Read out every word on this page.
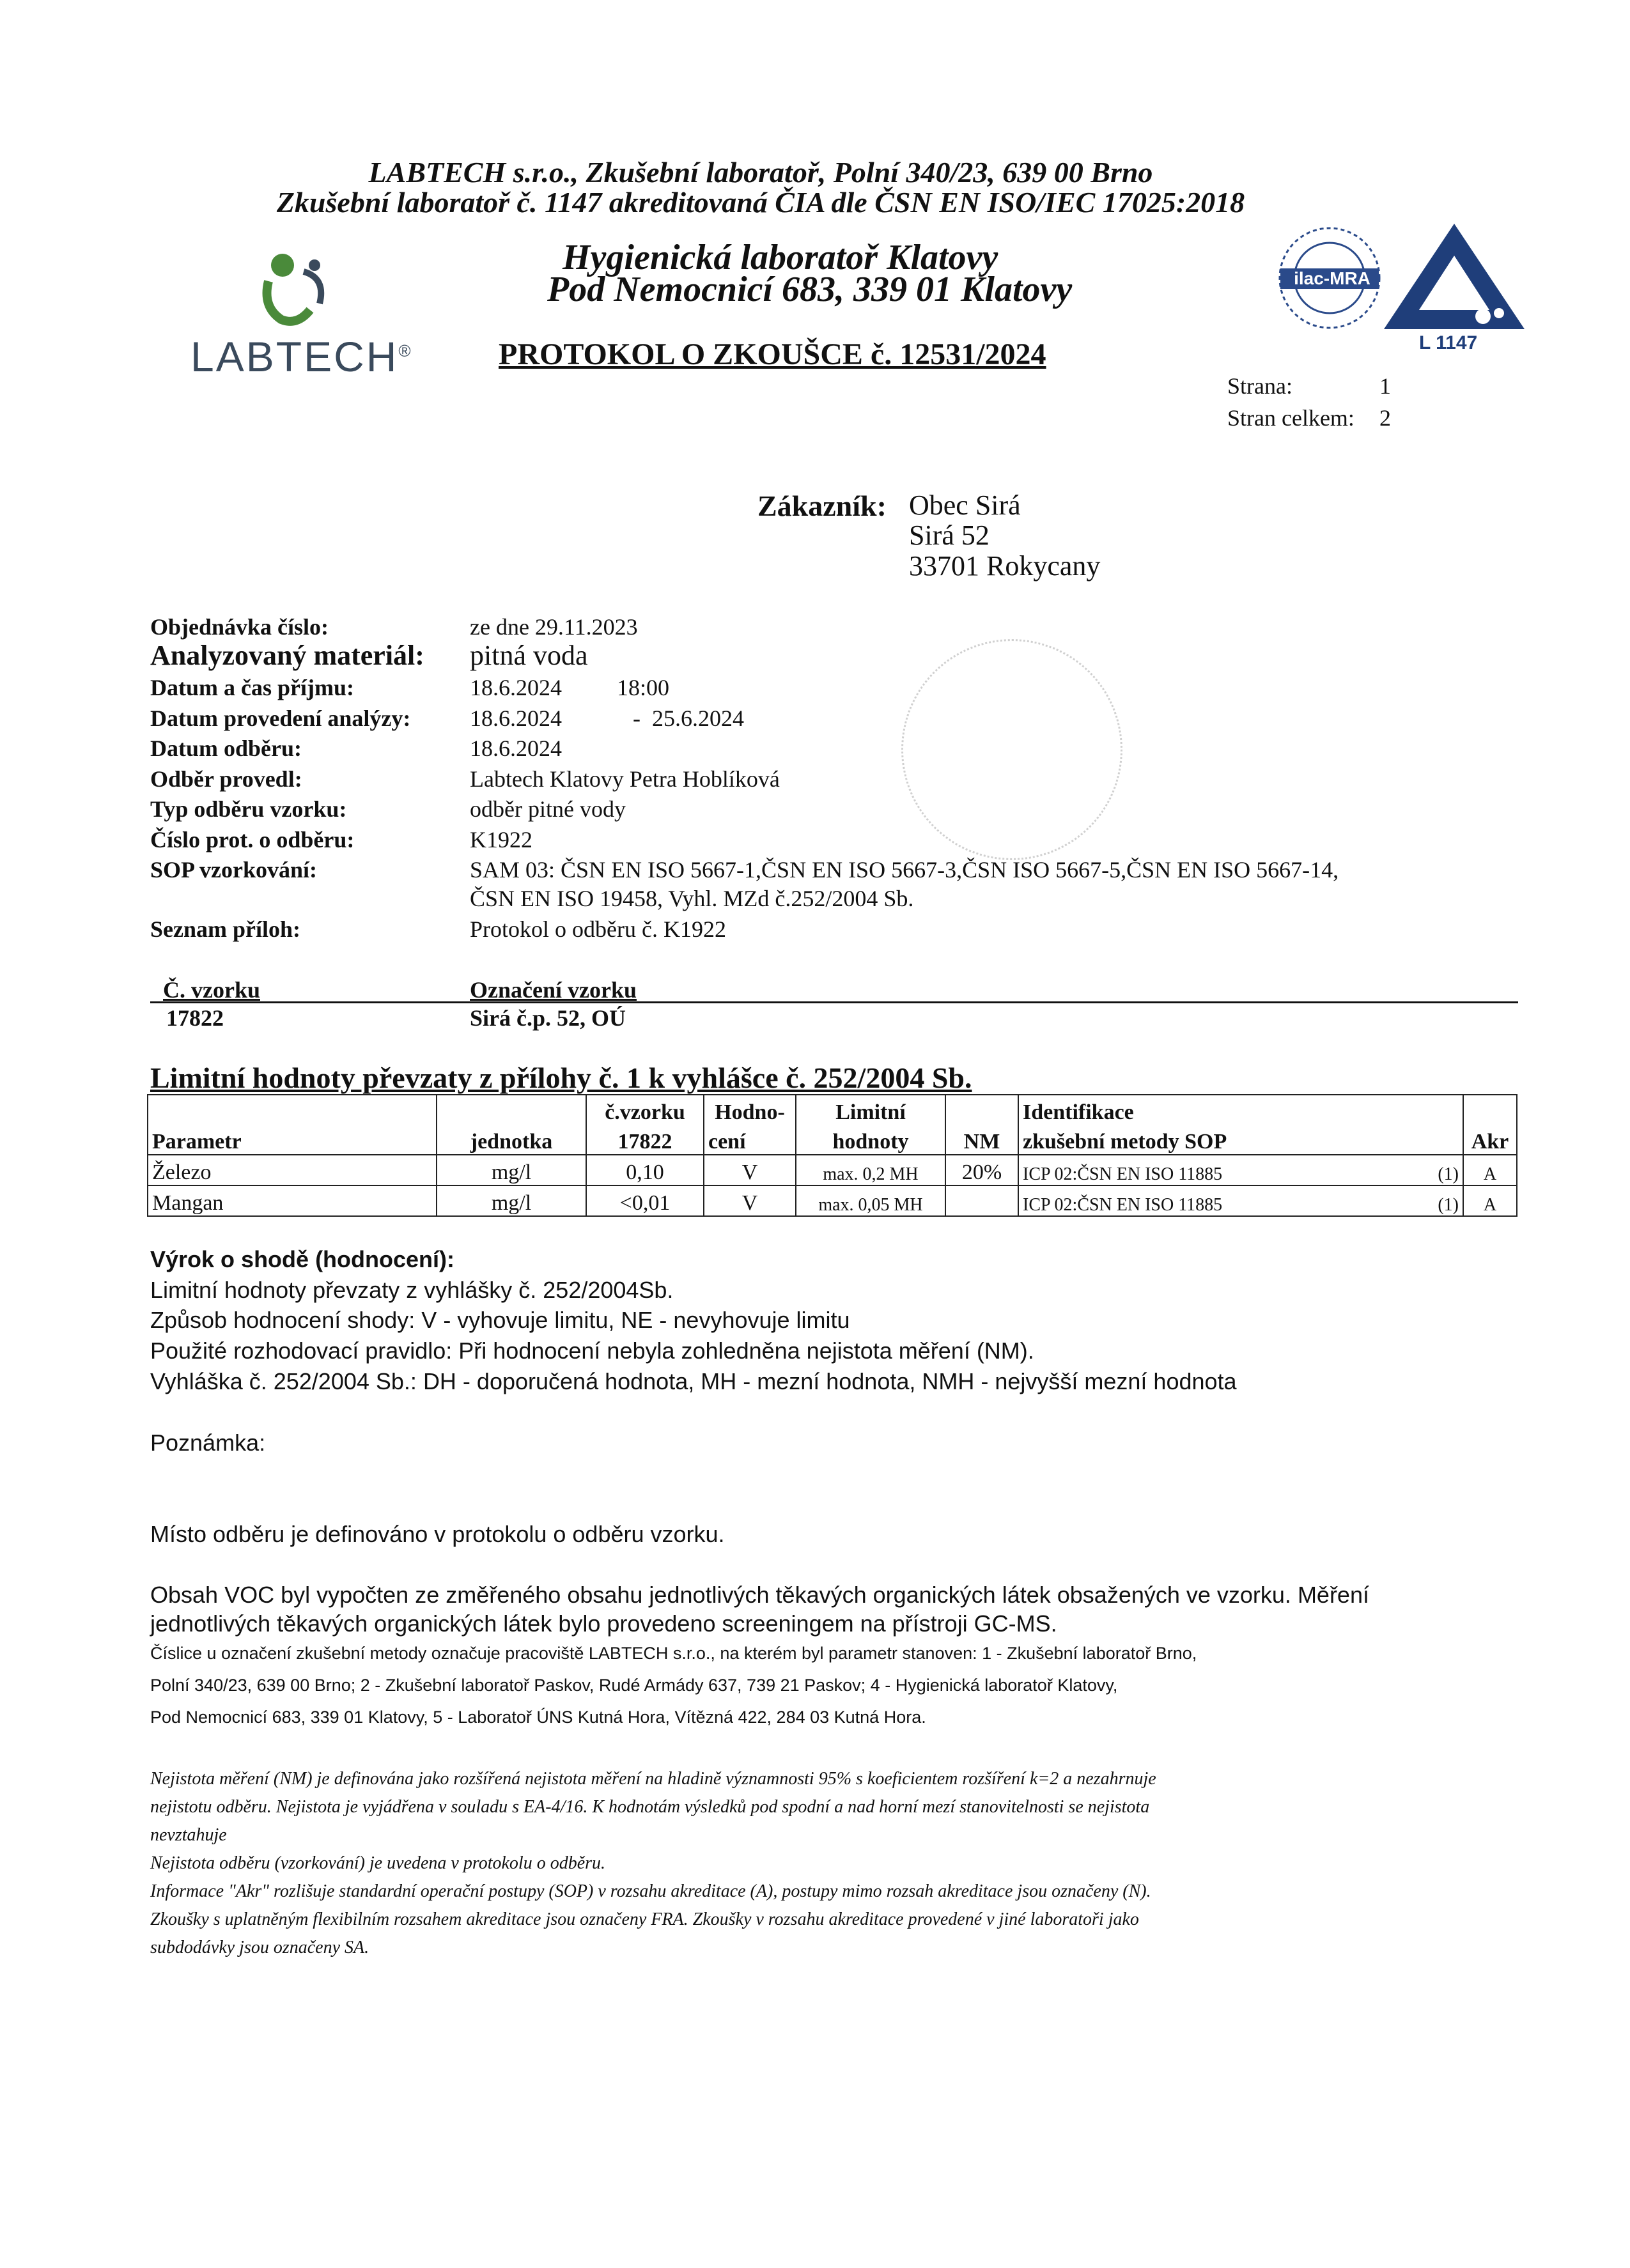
LABTECH s.r.o., Zkušební laboratoř, Polní 340/23, 639 00 Brno
Zkušební laboratoř č. 1147 akreditovaná ČIA dle ČSN EN ISO/IEC 17025:2018
LABTECH®
Hygienická laboratoř Klatovy
Pod Nemocnicí 683, 339 01 Klatovy
PROTOKOL O ZKOUŠCE č. 12531/2024
ilac-MRA
L 1147
Strana:	1
Stran celkem: 2
Zákazník: Obec Sirá
Sirá 52
33701 Rokycany
Objednávka číslo:	ze dne 29.11.2023
Analyzovaný materiál: pitná voda
Datum a čas příjmu:	18.6.2024 18:00
Datum provedení analýzy:	18.6.2024	-  25.6.2024
Datum odběru:	18.6.2024
Odběr provedl:	Labtech Klatovy Petra Hoblíková
Typ odběru vzorku:	odběr pitné vody
Číslo prot. o odběru:	K1922
SOP vzorkování:	SAM 03: ČSN EN ISO 5667-1,ČSN EN ISO 5667-3,ČSN ISO 5667-5,ČSN EN ISO 5667-14,
ČSN EN ISO 19458, Vyhl. MZd č.252/2004 Sb.
Seznam příloh:	Protokol o odběru č. K1922
Č. vzorku	Označení vzorku
17822	Sirá č.p. 52, OÚ
Limitní hodnoty převzaty z přílohy č. 1 k vyhlášce č. 252/2004 Sb.
		č.vzorku	Hodno-	Limitní		Identifikace		
Parametr	jednotka	17822	cení	hodnoty	NM	zkušební metody SOP		Akr
Železo	mg/l	0,10	V	max. 0,2 MH	20%	ICP 02:ČSN EN ISO 11885	(1)	A
Mangan	mg/l	<0,01	V	max. 0,05 MH		ICP 02:ČSN EN ISO 11885	(1)	A
Výrok o shodě (hodnocení):
Limitní hodnoty převzaty z vyhlášky č. 252/2004Sb.
Způsob hodnocení shody: V - vyhovuje limitu, NE - nevyhovuje limitu
Použité rozhodovací pravidlo: Při hodnocení nebyla zohledněna nejistota měření (NM).
Vyhláška č. 252/2004 Sb.: DH - doporučená hodnota, MH - mezní hodnota, NMH - nejvyšší mezní hodnota
Poznámka:
Místo odběru je definováno v protokolu o odběru vzorku.
Obsah VOC byl vypočten ze změřeného obsahu jednotlivých těkavých organických látek obsažených ve vzorku. Měření
jednotlivých těkavých organických látek bylo provedeno screeningem na přístroji GC-MS.
Číslice u označení zkušební metody označuje pracoviště LABTECH s.r.o., na kterém byl parametr stanoven: 1 - Zkušební laboratoř Brno,
Polní 340/23, 639 00 Brno; 2 - Zkušební laboratoř Paskov, Rudé Armády 637, 739 21 Paskov; 4 - Hygienická laboratoř Klatovy,
Pod Nemocnicí 683, 339 01 Klatovy, 5 - Laboratoř ÚNS Kutná Hora, Vítězná 422, 284 03 Kutná Hora.
Nejistota měření (NM) je definována jako rozšířená nejistota měření na hladině významnosti 95% s koeficientem rozšíření k=2 a nezahrnuje
nejistotu odběru. Nejistota je vyjádřena v souladu s EA-4/16. K hodnotám výsledků pod spodní a nad horní mezí stanovitelnosti se nejistota
nevztahuje
Nejistota odběru (vzorkování) je uvedena v protokolu o odběru.
Informace "Akr" rozlišuje standardní operační postupy (SOP) v rozsahu akreditace (A), postupy mimo rozsah akreditace jsou označeny (N).
Zkoušky s uplatněným flexibilním rozsahem akreditace jsou označeny FRA. Zkoušky v rozsahu akreditace provedené v jiné laboratoři jako
subdodávky jsou označeny SA.
